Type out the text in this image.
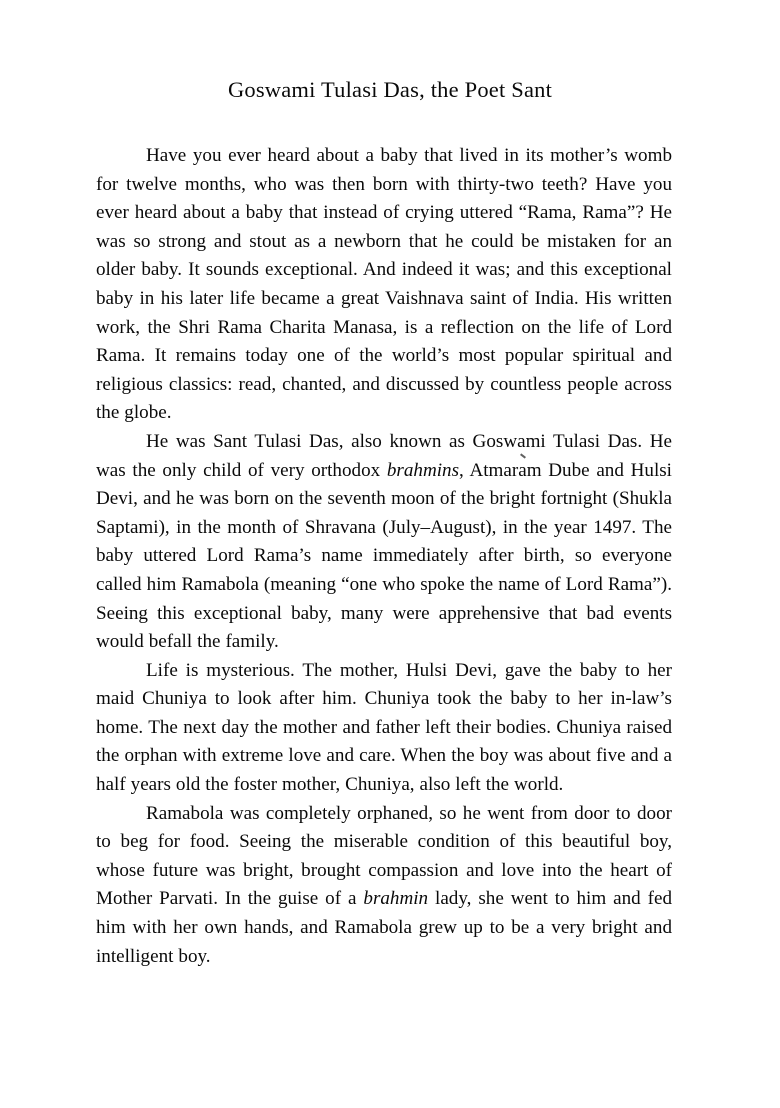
Goswami Tulasi Das, the Poet Sant

Have you ever heard about a baby that lived in its mother’s womb for twelve months, who was then born with thirty-two teeth? Have you ever heard about a baby that instead of crying uttered “Rama, Rama”? He was so strong and stout as a newborn that he could be mistaken for an older baby. It sounds exceptional. And indeed it was; and this exceptional baby in his later life became a great Vaishnava saint of India. His written work, the Shri Rama Charita Manasa, is a reflection on the life of Lord Rama. It remains today one of the world’s most popular spiritual and religious classics: read, chanted, and discussed by countless people across the globe.

He was Sant Tulasi Das, also known as Goswami Tulasi Das. He was the only child of very orthodox brahmins, Atmaram Dube and Hulsi Devi, and he was born on the seventh moon of the bright fortnight (Shukla Saptami), in the month of Shravana (July–August), in the year 1497. The baby uttered Lord Rama’s name immediately after birth, so everyone called him Ramabola (meaning “one who spoke the name of Lord Rama”). Seeing this exceptional baby, many were apprehensive that bad events would befall the family.

Life is mysterious. The mother, Hulsi Devi, gave the baby to her maid Chuniya to look after him. Chuniya took the baby to her in-law’s home. The next day the mother and father left their bodies. Chuniya raised the orphan with extreme love and care. When the boy was about five and a half years old the foster mother, Chuniya, also left the world.

Ramabola was completely orphaned, so he went from door to door to beg for food. Seeing the miserable condition of this beautiful boy, whose future was bright, brought compassion and love into the heart of Mother Parvati. In the guise of a brahmin lady, she went to him and fed him with her own hands, and Ramabola grew up to be a very bright and intelligent boy.
